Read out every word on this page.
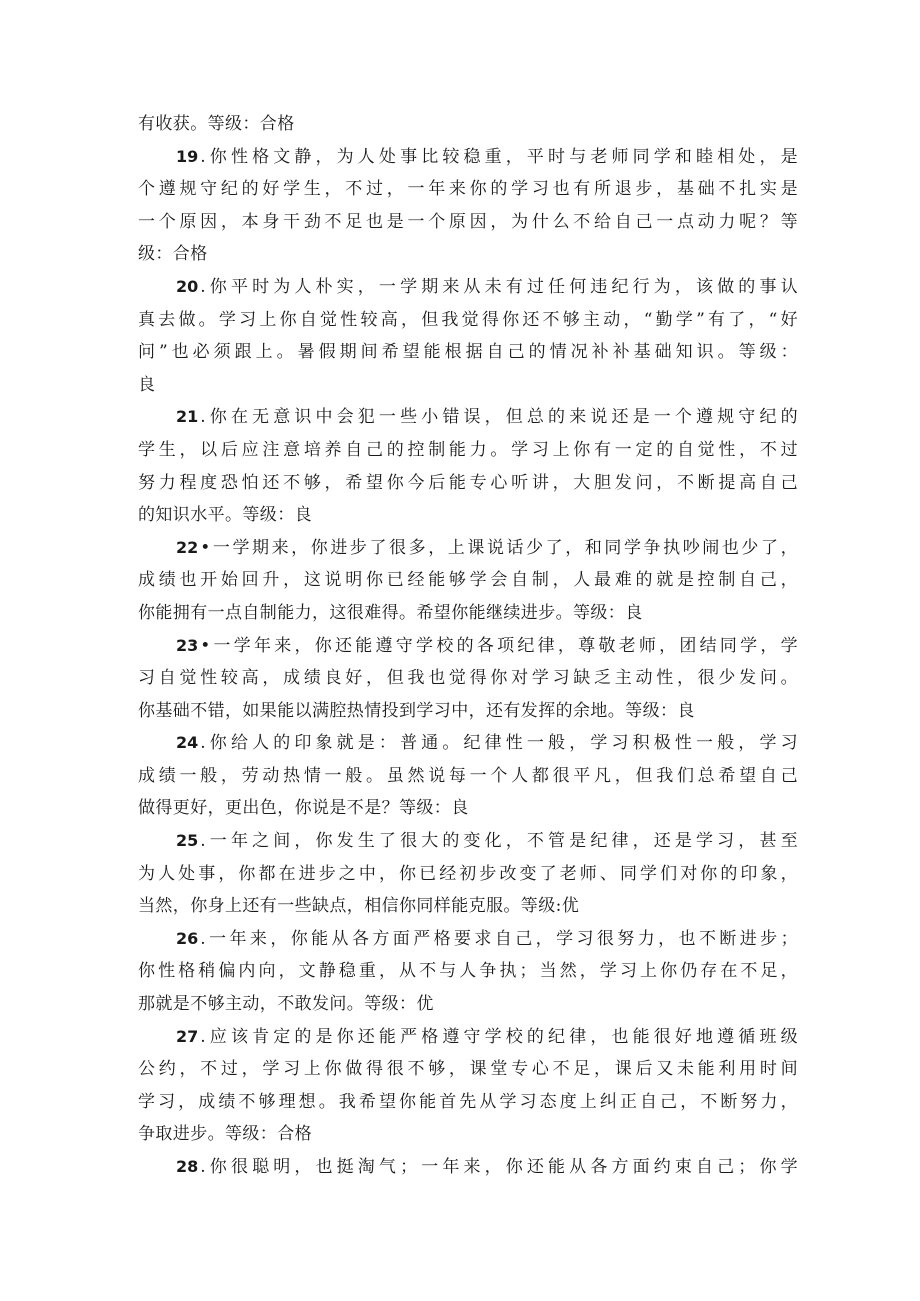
有收获。等级：合格

19 .你性格文静，为人处事比较稳重，平时与老师同学和睦相处，是

个遵规守纪的好学生，不过，一年来你的学习也有所退步，基础不扎实是

一个原因，本身干劲不足也是一个原因，为什么不给自己一点动力呢？等

级：合格

20 .你平时为人朴实，一学期来从未有过任何违纪行为，该做的事认

真去做。学习上你自觉性较高，但我觉得你还不够主动，“勤学”有了，“好

问”也必须跟上。暑假期间希望能根据自己的情况补补基础知识。等级：

良

21 .你在无意识中会犯一些小错误，但总的来说还是一个遵规守纪的

学生，以后应注意培养自己的控制能力。学习上你有一定的自觉性，不过

努力程度恐怕还不够，希望你今后能专心听讲，大胆发问，不断提高自己

的知识水平。等级：良

22 •一学期来，你进步了很多，上课说话少了，和同学争执吵闹也少了，

成绩也开始回升，这说明你已经能够学会自制，人最难的就是控制自己，

你能拥有一点自制能力，这很难得。希望你能继续进步。等级：良

23 •一学年来，你还能遵守学校的各项纪律，尊敬老师，团结同学，学

习自觉性较高，成绩良好，但我也觉得你对学习缺乏主动性，很少发问。

你基础不错，如果能以满腔热情投到学习中，还有发挥的余地。等级：良

24 .你给人的印象就是：普通。纪律性一般，学习积极性一般，学习

成绩一般，劳动热情一般。虽然说每一个人都很平凡，但我们总希望自己

做得更好，更出色，你说是不是？等级：良

25 .一年之间，你发生了很大的变化，不管是纪律，还是学习，甚至

为人处事，你都在进步之中，你已经初步改变了老师、同学们对你的印象，

当然，你身上还有一些缺点，相信你同样能克服。等级:优

26 .一年来，你能从各方面严格要求自己，学习很努力，也不断进步；

你性格稍偏内向，文静稳重，从不与人争执；当然，学习上你仍存在不足，

那就是不够主动，不敢发问。等级：优

27 .应该肯定的是你还能严格遵守学校的纪律，也能很好地遵循班级

公约，不过，学习上你做得很不够，课堂专心不足，课后又未能利用时间

学习，成绩不够理想。我希望你能首先从学习态度上纠正自己，不断努力，

争取进步。等级：合格

28 .你很聪明，也挺淘气；一年来，你还能从各方面约束自己；你学
